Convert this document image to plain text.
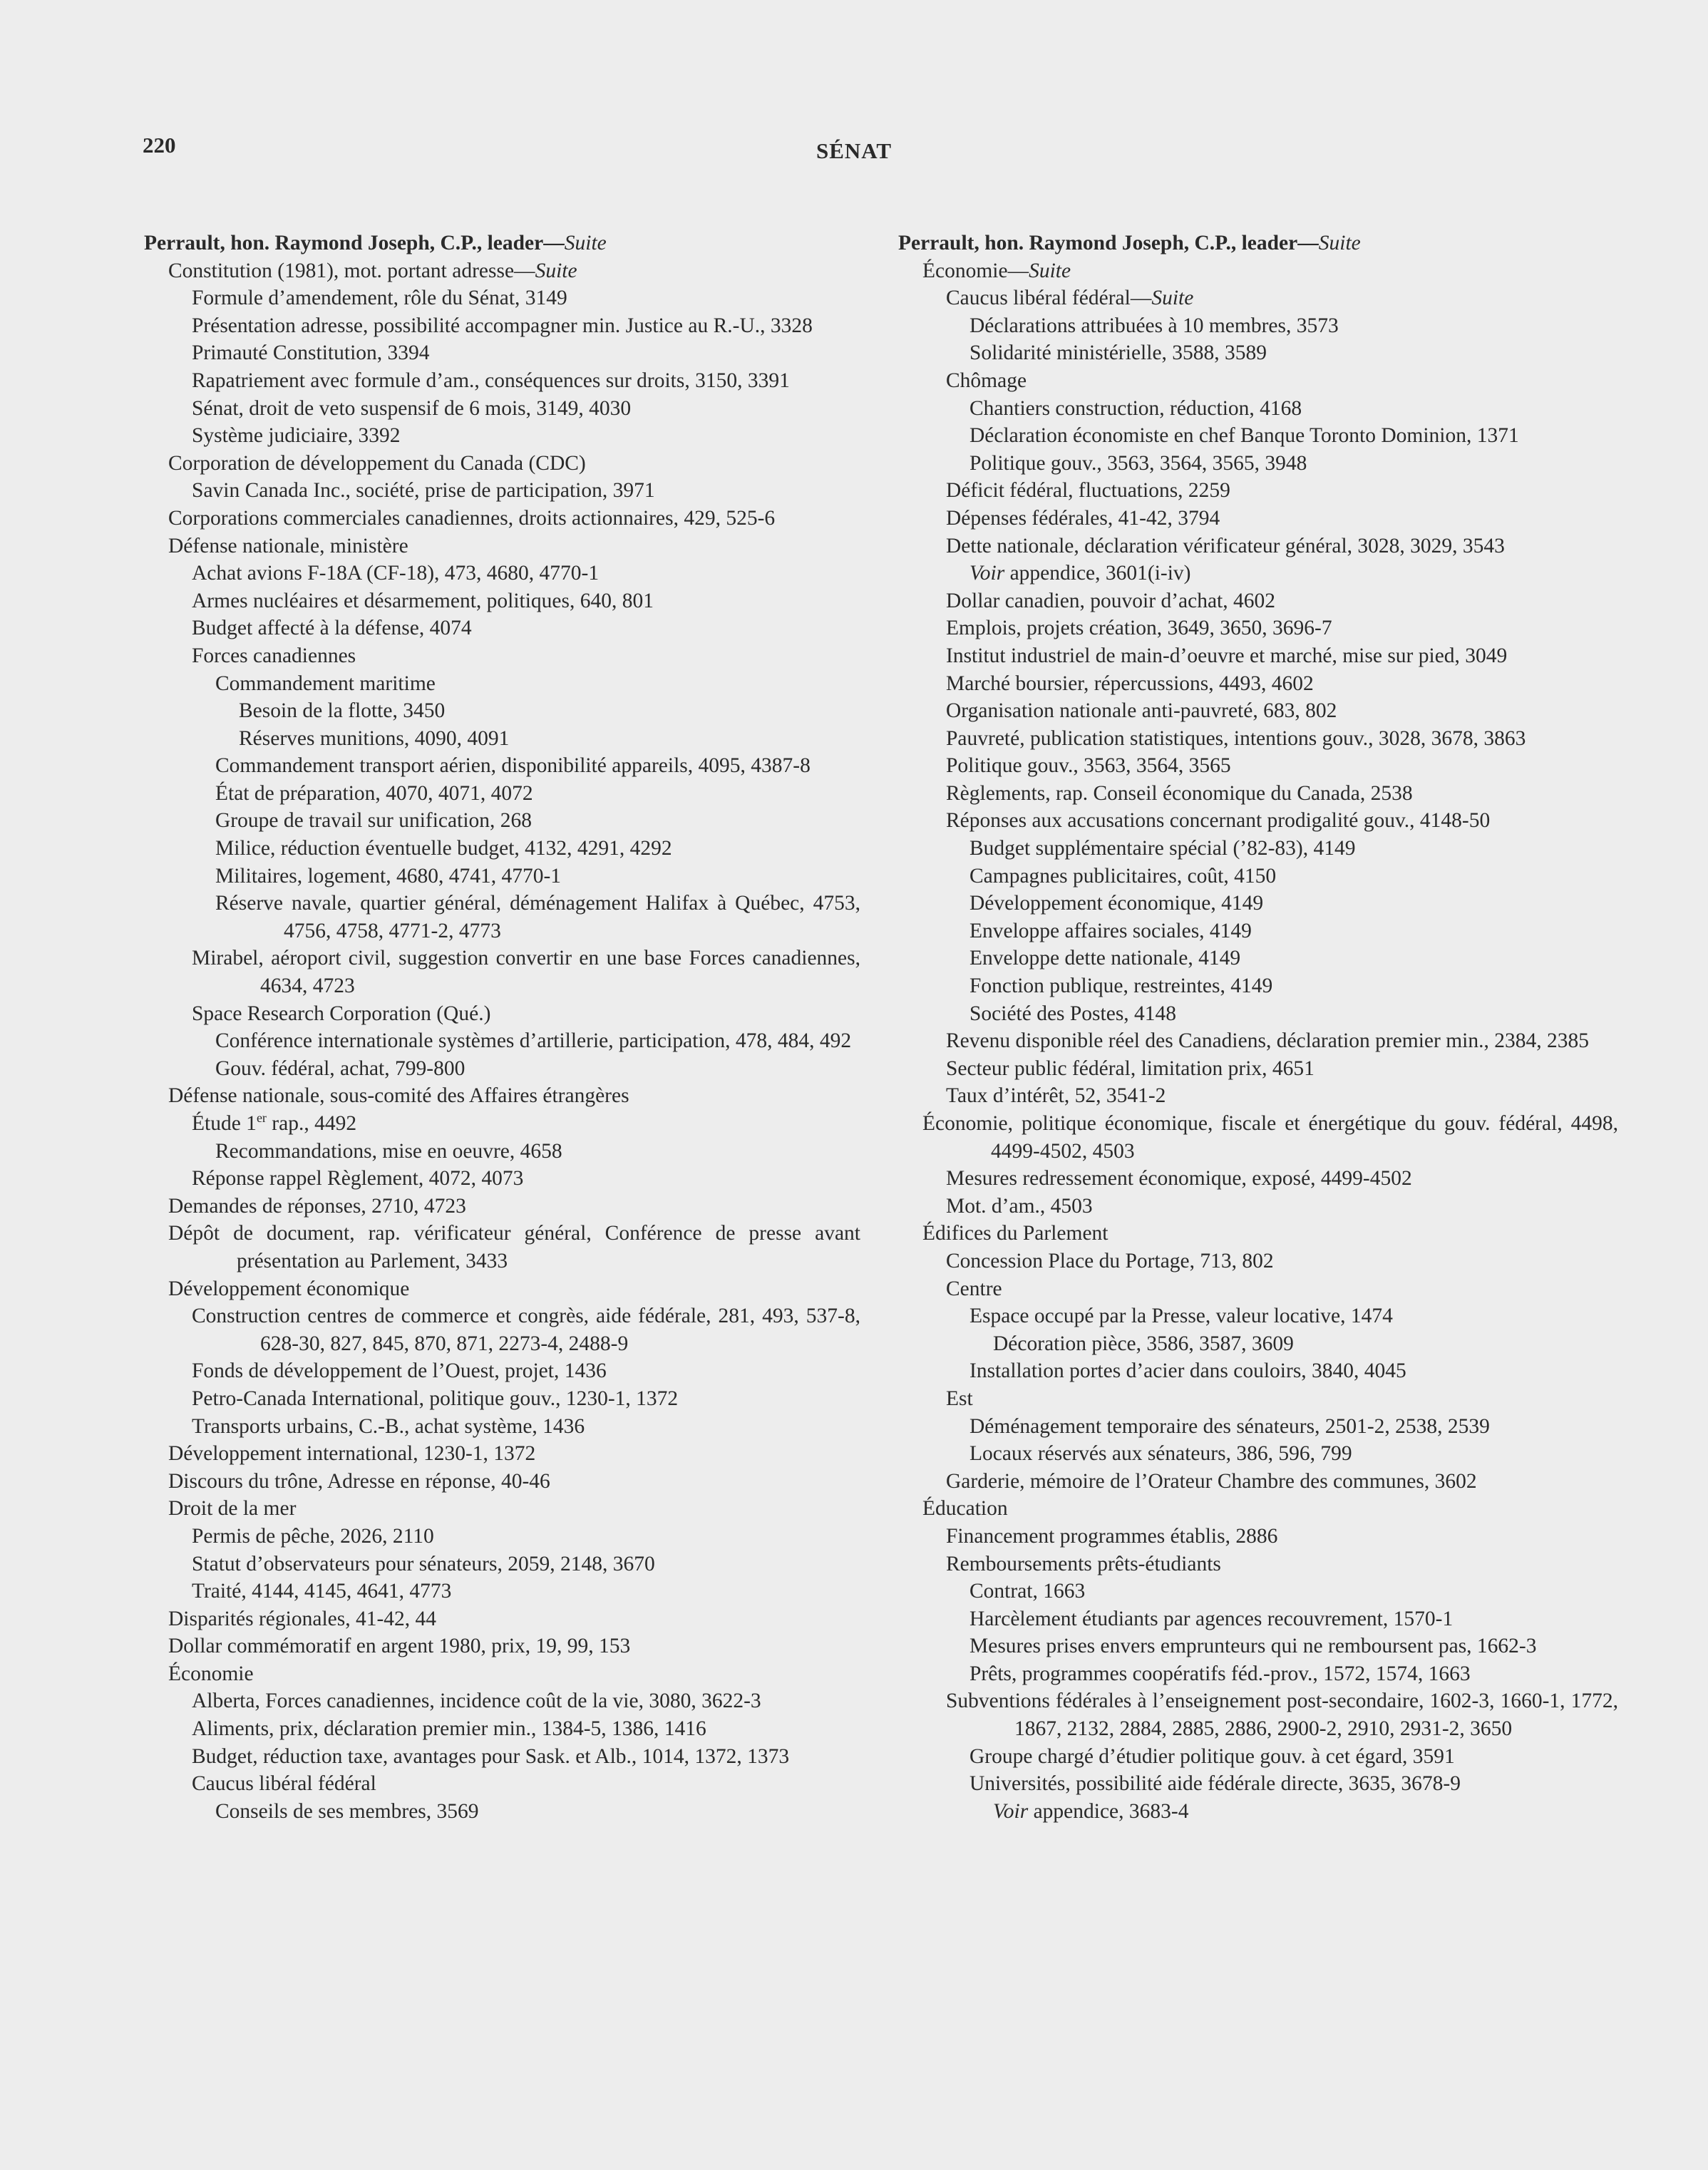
220	SÉNAT
Perrault, hon. Raymond Joseph, C.P., leader—Suite
Constitution (1981), mot. portant adresse—Suite
Formule d’amendement, rôle du Sénat, 3149
Présentation adresse, possibilité accompagner min. Justice au R.-U., 3328
Primauté Constitution, 3394
Rapatriement avec formule d’am., conséquences sur droits, 3150, 3391
Sénat, droit de veto suspensif de 6 mois, 3149, 4030
Système judiciaire, 3392
Corporation de développement du Canada (CDC)
Savin Canada Inc., société, prise de participation, 3971
Corporations commerciales canadiennes, droits actionnaires, 429, 525-6
Défense nationale, ministère
Achat avions F-18A (CF-18), 473, 4680, 4770-1
Armes nucléaires et désarmement, politiques, 640, 801
Budget affecté à la défense, 4074
Forces canadiennes
Commandement maritime
Besoin de la flotte, 3450
Réserves munitions, 4090, 4091
Commandement transport aérien, disponibilité appareils, 4095, 4387-8
État de préparation, 4070, 4071, 4072
Groupe de travail sur unification, 268
Milice, réduction éventuelle budget, 4132, 4291, 4292
Militaires, logement, 4680, 4741, 4770-1
Réserve navale, quartier général, déménagement Halifax à Québec, 4753, 4756, 4758, 4771-2, 4773
Mirabel, aéroport civil, suggestion convertir en une base Forces canadiennes, 4634, 4723
Space Research Corporation (Qué.)
Conférence internationale systèmes d’artillerie, participation, 478, 484, 492
Gouv. fédéral, achat, 799-800
Défense nationale, sous-comité des Affaires étrangères
Étude 1er rap., 4492
Recommandations, mise en oeuvre, 4658
Réponse rappel Règlement, 4072, 4073
Demandes de réponses, 2710, 4723
Dépôt de document, rap. vérificateur général, Conférence de presse avant présentation au Parlement, 3433
Développement économique
Construction centres de commerce et congrès, aide fédérale, 281, 493, 537-8, 628-30, 827, 845, 870, 871, 2273-4, 2488-9
Fonds de développement de l’Ouest, projet, 1436
Petro-Canada International, politique gouv., 1230-1, 1372
Transports urbains, C.-B., achat système, 1436
Développement international, 1230-1, 1372
Discours du trône, Adresse en réponse, 40-46
Droit de la mer
Permis de pêche, 2026, 2110
Statut d’observateurs pour sénateurs, 2059, 2148, 3670
Traité, 4144, 4145, 4641, 4773
Disparités régionales, 41-42, 44
Dollar commémoratif en argent 1980, prix, 19, 99, 153
Économie
Alberta, Forces canadiennes, incidence coût de la vie, 3080, 3622-3
Aliments, prix, déclaration premier min., 1384-5, 1386, 1416
Budget, réduction taxe, avantages pour Sask. et Alb., 1014, 1372, 1373
Caucus libéral fédéral
Conseils de ses membres, 3569
Perrault, hon. Raymond Joseph, C.P., leader—Suite
Économie—Suite
Caucus libéral fédéral—Suite
Déclarations attribuées à 10 membres, 3573
Solidarité ministérielle, 3588, 3589
Chômage
Chantiers construction, réduction, 4168
Déclaration économiste en chef Banque Toronto Dominion, 1371
Politique gouv., 3563, 3564, 3565, 3948
Déficit fédéral, fluctuations, 2259
Dépenses fédérales, 41-42, 3794
Dette nationale, déclaration vérificateur général, 3028, 3029, 3543
Voir appendice, 3601(i-iv)
Dollar canadien, pouvoir d’achat, 4602
Emplois, projets création, 3649, 3650, 3696-7
Institut industriel de main-d’oeuvre et marché, mise sur pied, 3049
Marché boursier, répercussions, 4493, 4602
Organisation nationale anti-pauvreté, 683, 802
Pauvreté, publication statistiques, intentions gouv., 3028, 3678, 3863
Politique gouv., 3563, 3564, 3565
Règlements, rap. Conseil économique du Canada, 2538
Réponses aux accusations concernant prodigalité gouv., 4148-50
Budget supplémentaire spécial (’82-83), 4149
Campagnes publicitaires, coût, 4150
Développement économique, 4149
Enveloppe affaires sociales, 4149
Enveloppe dette nationale, 4149
Fonction publique, restreintes, 4149
Société des Postes, 4148
Revenu disponible réel des Canadiens, déclaration premier min., 2384, 2385
Secteur public fédéral, limitation prix, 4651
Taux d’intérêt, 52, 3541-2
Économie, politique économique, fiscale et énergétique du gouv. fédéral, 4498, 4499-4502, 4503
Mesures redressement économique, exposé, 4499-4502
Mot. d’am., 4503
Édifices du Parlement
Concession Place du Portage, 713, 802
Centre
Espace occupé par la Presse, valeur locative, 1474
Décoration pièce, 3586, 3587, 3609
Installation portes d’acier dans couloirs, 3840, 4045
Est
Déménagement temporaire des sénateurs, 2501-2, 2538, 2539
Locaux réservés aux sénateurs, 386, 596, 799
Garderie, mémoire de l’Orateur Chambre des communes, 3602
Éducation
Financement programmes établis, 2886
Remboursements prêts-étudiants
Contrat, 1663
Harcèlement étudiants par agences recouvrement, 1570-1
Mesures prises envers emprunteurs qui ne remboursent pas, 1662-3
Prêts, programmes coopératifs féd.-prov., 1572, 1574, 1663
Subventions fédérales à l’enseignement post-secondaire, 1602-3, 1660-1, 1772, 1867, 2132, 2884, 2885, 2886, 2900-2, 2910, 2931-2, 3650
Groupe chargé d’étudier politique gouv. à cet égard, 3591
Universités, possibilité aide fédérale directe, 3635, 3678-9
Voir appendice, 3683-4
